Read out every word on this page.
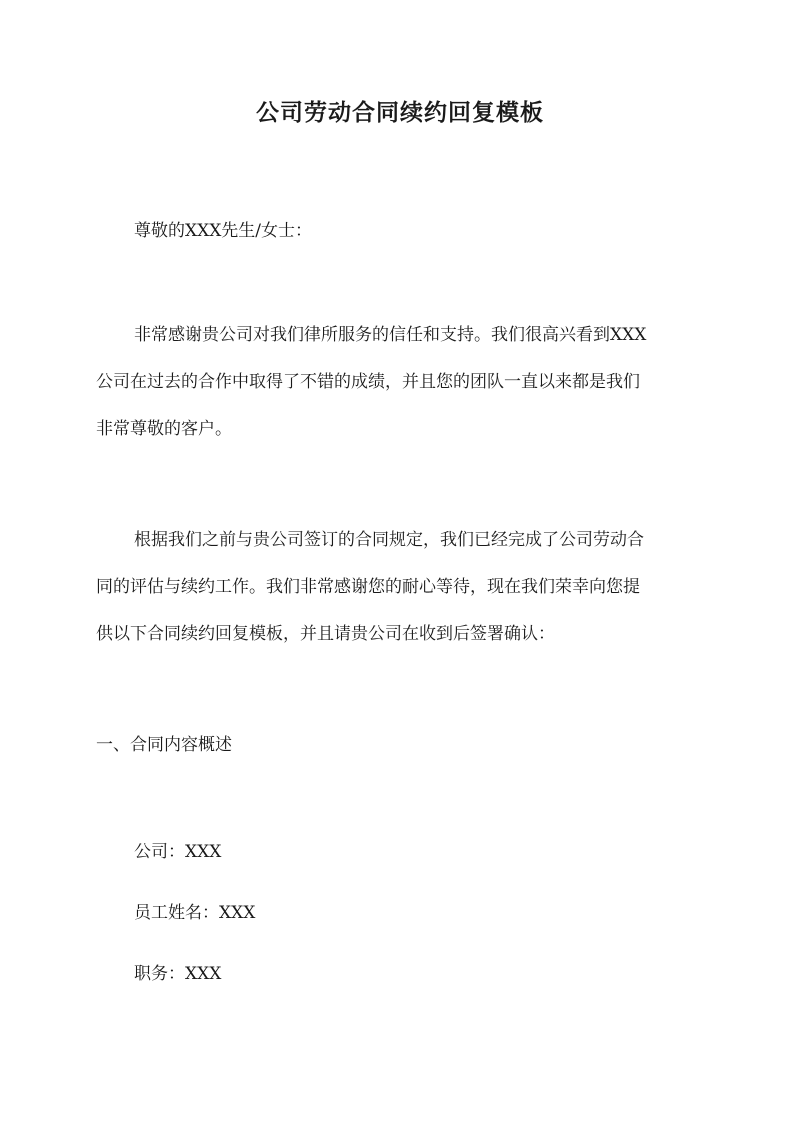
公司劳动合同续约回复模板

尊敬的XXX先生/女士：

非常感谢贵公司对我们律所服务的信任和支持。我们很高兴看到XXX
公司在过去的合作中取得了不错的成绩，并且您的团队一直以来都是我们
非常尊敬的客户。
根据我们之前与贵公司签订的合同规定，我们已经完成了公司劳动合
同的评估与续约工作。我们非常感谢您的耐心等待，现在我们荣幸向您提
供以下合同续约回复模板，并且请贵公司在收到后签署确认：

一、合同内容概述

公司：XXX

员工姓名：XXX

职务：XXX
